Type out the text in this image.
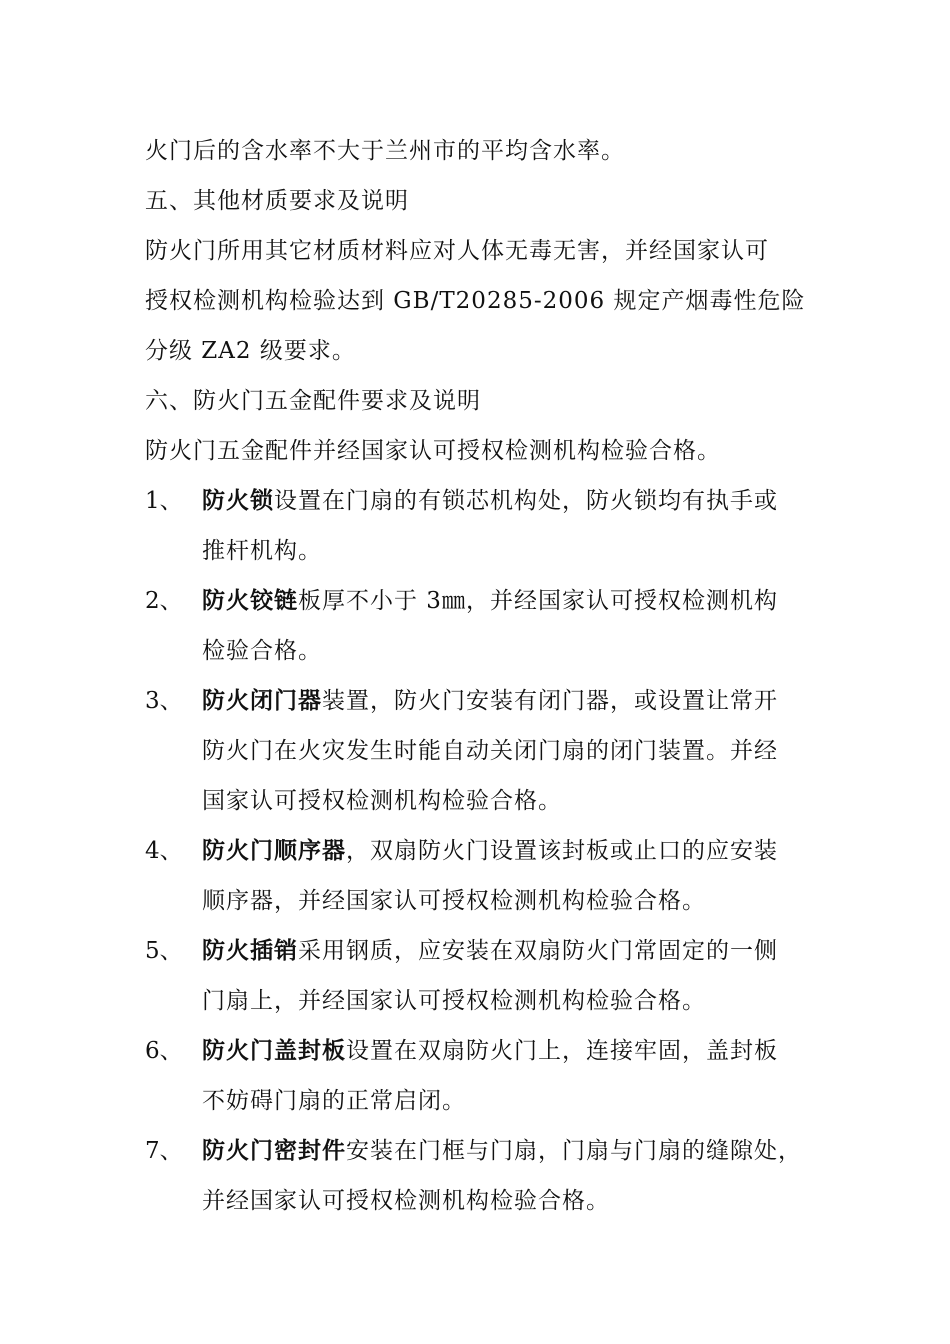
火门后的含水率不大于兰州市的平均含水率。
五、其他材质要求及说明
防火门所用其它材质材料应对人体无毒无害，并经国家认可
授权检测机构检验达到 GB/T20285-2006 规定产烟毒性危险
分级 ZA2 级要求。
六、防火门五金配件要求及说明
防火门五金配件并经国家认可授权检测机构检验合格。
1、 防火锁设置在门扇的有锁芯机构处，防火锁均有执手或
推杆机构。
2、 防火铰链板厚不小于 3㎜，并经国家认可授权检测机构
检验合格。
3、 防火闭门器装置，防火门安装有闭门器，或设置让常开
防火门在火灾发生时能自动关闭门扇的闭门装置。并经
国家认可授权检测机构检验合格。
4、 防火门顺序器，双扇防火门设置该封板或止口的应安装
顺序器，并经国家认可授权检测机构检验合格。
5、 防火插销采用钢质，应安装在双扇防火门常固定的一侧
门扇上，并经国家认可授权检测机构检验合格。
6、 防火门盖封板设置在双扇防火门上，连接牢固，盖封板
不妨碍门扇的正常启闭。
7、 防火门密封件安装在门框与门扇，门扇与门扇的缝隙处，
并经国家认可授权检测机构检验合格。
